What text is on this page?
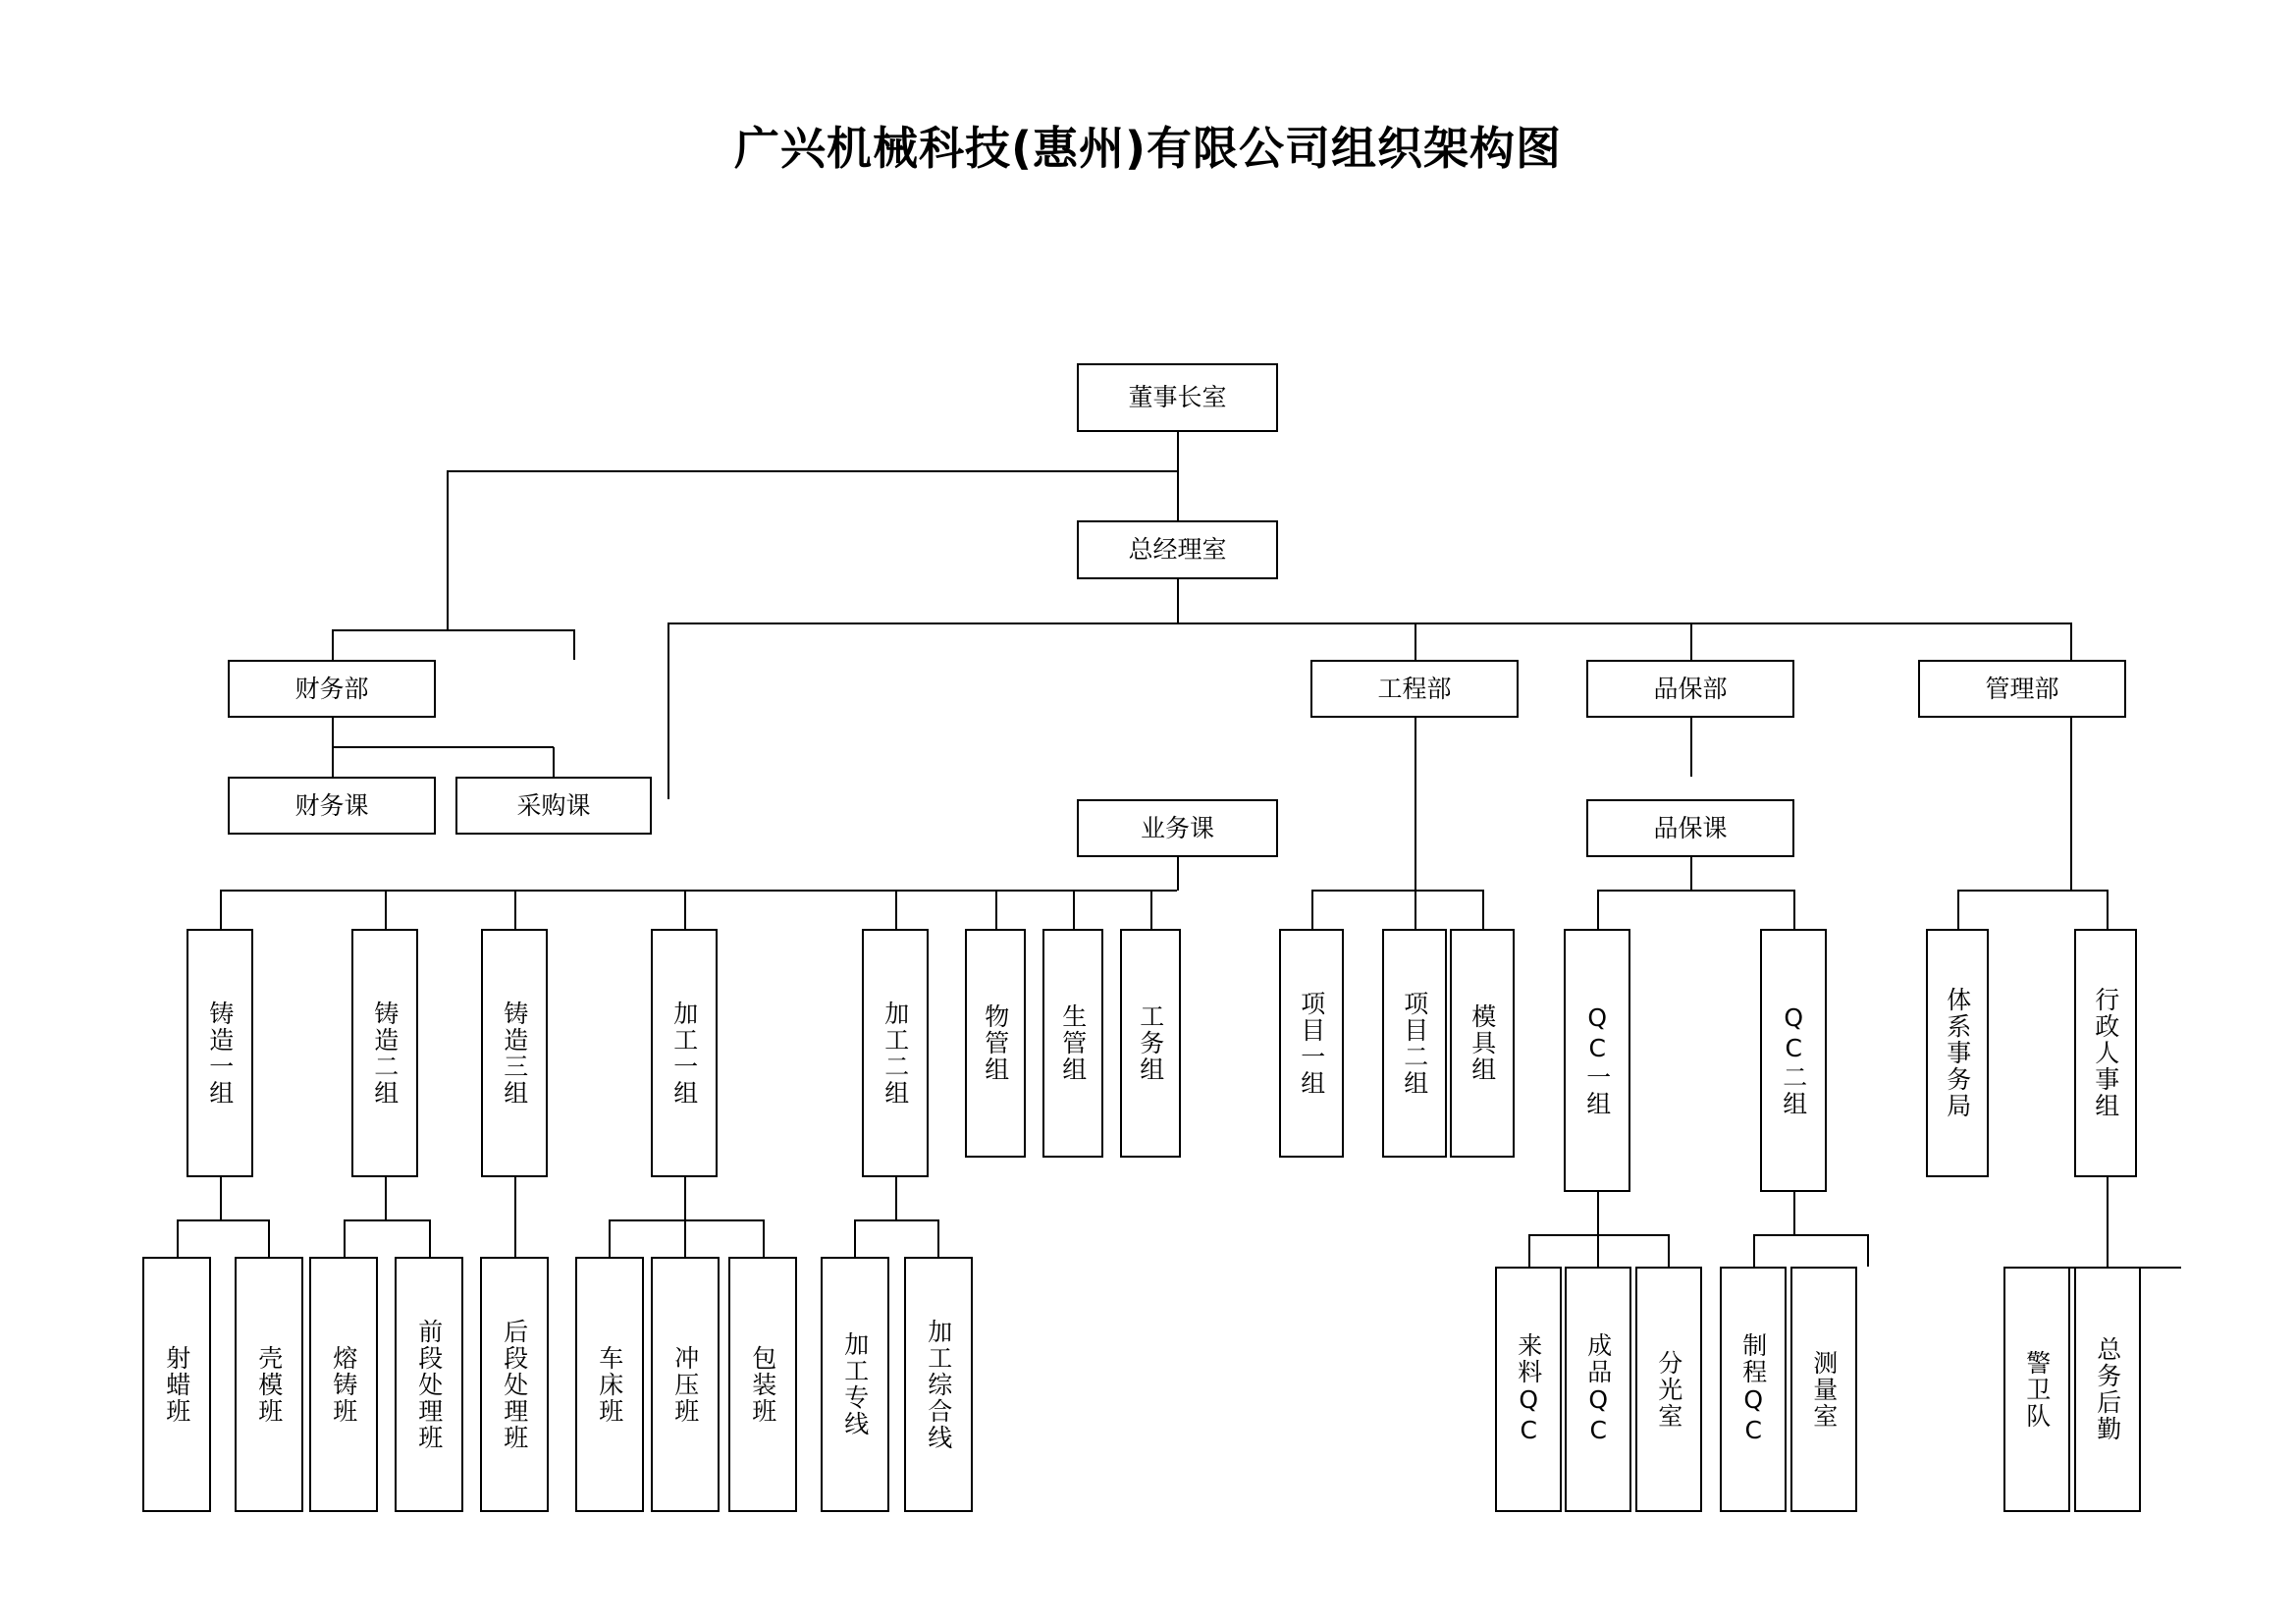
广兴机械科技(惠州)有限公司组织架构图
董事长室
总经理室
财务部	工程部	品保部	管理部
财务课	采购课
业务课	品保课
铸造一组	铸造二组	铸造三组	加工一组	加工二组	物管组	生管组	工务组	项目一组	项目二组	模具组	QC一组	QC二组	体系事务局	行政人事组
射蜡班	壳模班	熔铸班	前段处理班	后段处理班	车床班	冲压班	包装班	加工专线	加工综合线	来料QC	成品QC	分光室	制程QC	测量室	警卫队	总务后勤
